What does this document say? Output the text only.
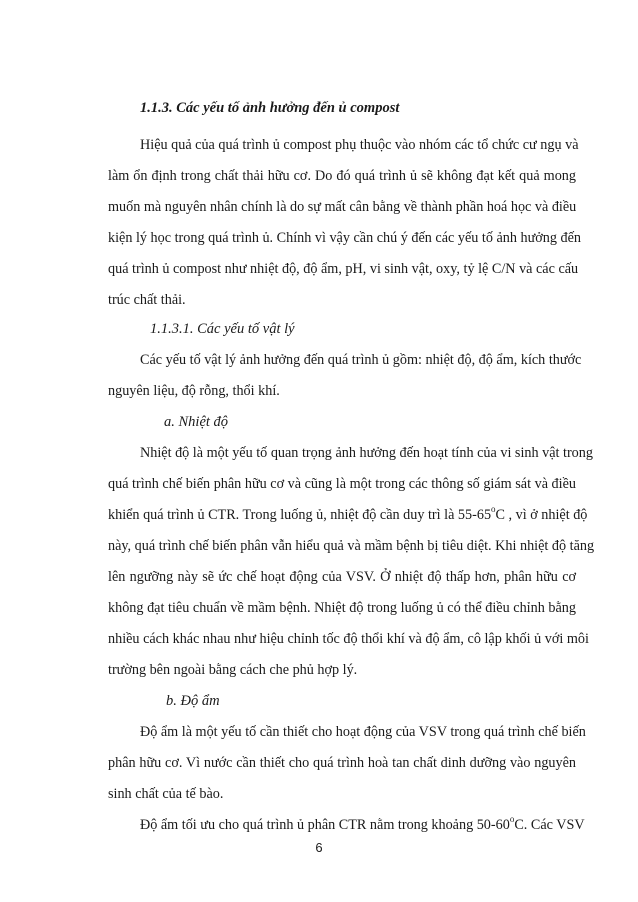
1.1.3. Các yếu tố ảnh hưởng đến ủ compost
Hiệu quả của quá trình ủ compost phụ thuộc vào nhóm các tổ chức cư ngụ và
làm ổn định trong chất thải hữu cơ. Do đó quá trình ủ sẽ không đạt kết quả mong
muốn mà nguyên nhân chính là do sự mất cân bằng về thành phần hoá học và điều
kiện lý học trong quá trình ủ. Chính vì vậy cần chú ý đến các yếu tố ảnh hưởng đến
quá trình ủ compost như nhiệt độ, độ ẩm, pH, vi sinh vật, oxy, tỷ lệ C/N và các cấu
trúc chất thải.
1.1.3.1. Các yếu tố vật lý
Các yếu tố vật lý ảnh hưởng đến quá trình ủ gồm: nhiệt độ, độ ẩm, kích thước
nguyên liệu, độ rỗng, thổi khí.
a. Nhiệt độ
Nhiệt độ là một yếu tố quan trọng ảnh hưởng đến hoạt tính của vi sinh vật trong
quá trình chế biến phân hữu cơ và cũng là một trong các thông số giám sát và điều
khiển quá trình ủ CTR. Trong luống ủ, nhiệt độ cần duy trì là 55-65$^o$C , vì ở nhiệt độ
này, quá trình chế biến phân vẫn hiểu quả và mầm bệnh bị tiêu diệt. Khi nhiệt độ tăng
lên ngưỡng này sẽ ức chế hoạt động của VSV. Ở nhiệt độ thấp hơn, phân hữu cơ
không đạt tiêu chuẩn về mầm bệnh. Nhiệt độ trong luống ủ có thể điều chỉnh bằng
nhiều cách khác nhau như hiệu chỉnh tốc độ thổi khí và độ ẩm, cô lập khối ủ với môi
trường bên ngoài bằng cách che phủ hợp lý.
b. Độ ẩm
Độ ẩm là một yếu tố cần thiết cho hoạt động của VSV trong quá trình chế biến
phân hữu cơ. Vì nước cần thiết cho quá trình hoà tan chất dinh dưỡng vào nguyên
sinh chất của tế bào.
Độ ẩm tối ưu cho quá trình ủ phân CTR nằm trong khoảng 50-60$^o$C. Các VSV
6
